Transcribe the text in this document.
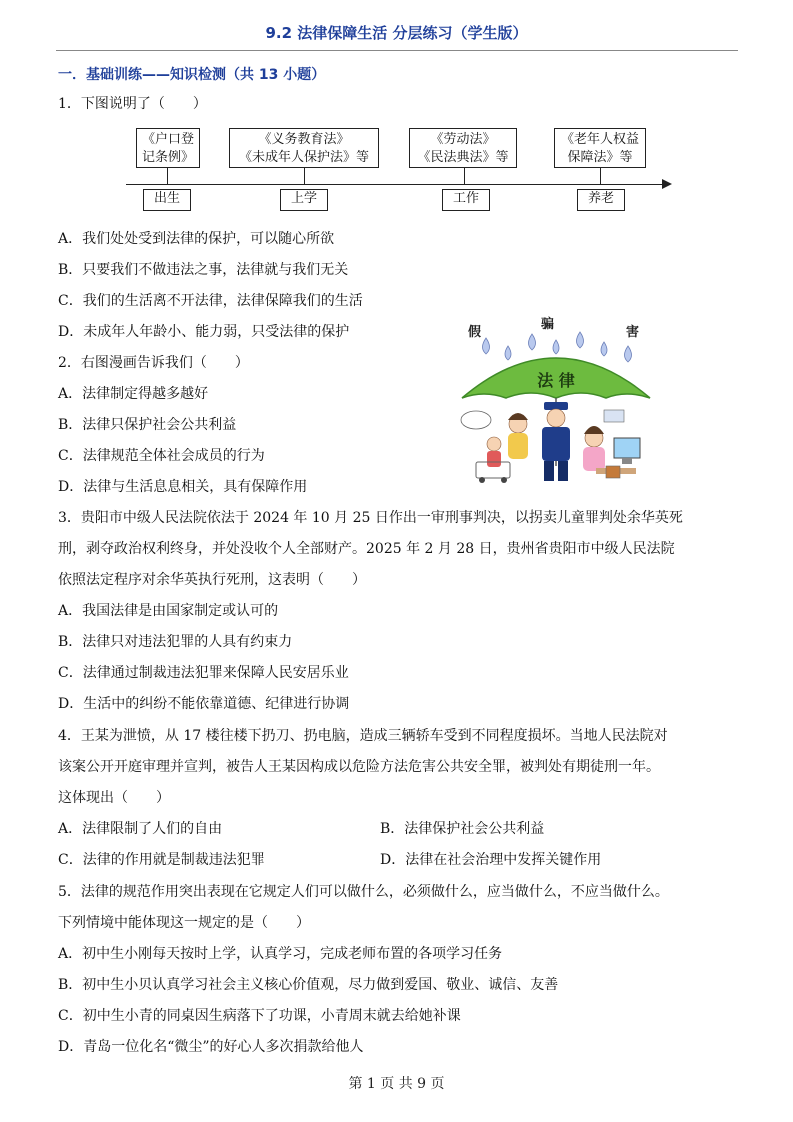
9.2 法律保障生活 分层练习（学生版）
一．基础训练——知识检测（共 13 小题）
1．下图说明了（　　）
《户口登
记条例》
《义务教育法》
《未成年人保护法》等
《劳动法》
《民法典法》等
《老年人权益
保障法》等
出生	上学	工作	养老
A．我们处处受到法律的保护，可以随心所欲
B．只要我们不做违法之事，法律就与我们无关
C．我们的生活离不开法律，法律保障我们的生活
D．未成年人年龄小、能力弱，只受法律的保护	假
骗
害
法 律
2．右图漫画告诉我们（　　）
A．法律制定得越多越好
B．法律只保护社会公共利益
C．法律规范全体社会成员的行为
D．法律与生活息息相关，具有保障作用
3．贵阳市中级人民法院依法于 2024 年 10 月 25 日作出一审刑事判决，以拐卖儿童罪判处余华英死
刑，剥夺政治权利终身，并处没收个人全部财产。2025 年 2 月 28 日，贵州省贵阳市中级人民法院
依照法定程序对余华英执行死刑，这表明（　　）
A．我国法律是由国家制定或认可的
B．法律只对违法犯罪的人具有约束力
C．法律通过制裁违法犯罪来保障人民安居乐业
D．生活中的纠纷不能依靠道德、纪律进行协调
4．王某为泄愤，从 17 楼往楼下扔刀、扔电脑，造成三辆轿车受到不同程度损坏。当地人民法院对
该案公开开庭审理并宣判，被告人王某因构成以危险方法危害公共安全罪，被判处有期徒刑一年。
这体现出（　　）
A．法律限制了人们的自由	B．法律保护社会公共利益
C．法律的作用就是制裁违法犯罪	D．法律在社会治理中发挥关键作用
5．法律的规范作用突出表现在它规定人们可以做什么，必须做什么，应当做什么，不应当做什么。
下列情境中能体现这一规定的是（　　）
A．初中生小刚每天按时上学，认真学习，完成老师布置的各项学习任务
B．初中生小贝认真学习社会主义核心价值观，尽力做到爱国、敬业、诚信、友善
C．初中生小青的同桌因生病落下了功课，小青周末就去给她补课
D．青岛一位化名“微尘”的好心人多次捐款给他人
第 1 页 共 9 页
